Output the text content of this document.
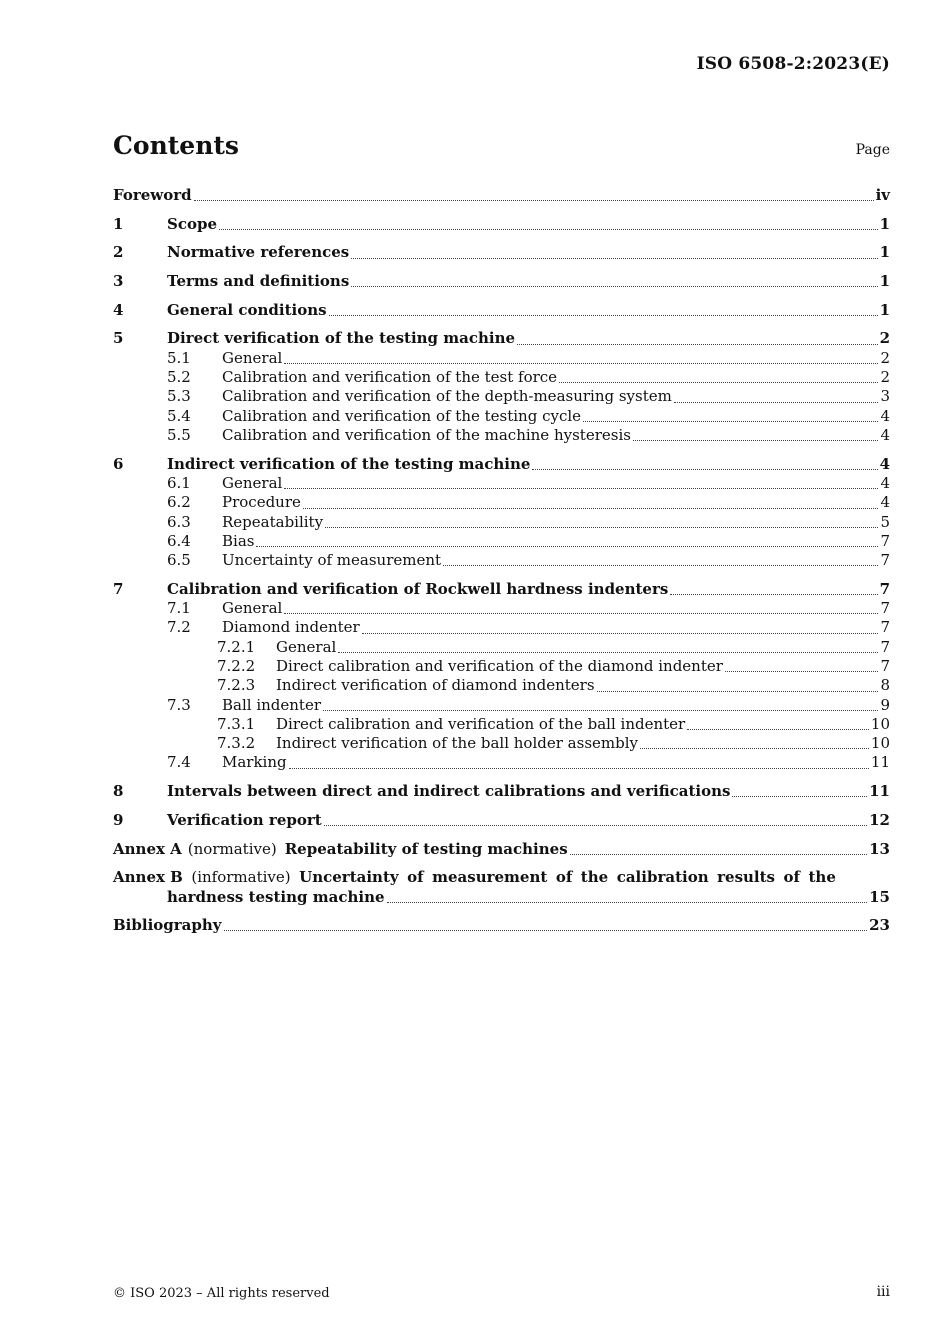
ISO 6508-2:2023(E)
Contents	Page
Foreword	iv
1	Scope	1
2	Normative references	1
3	Terms and definitions	1
4	General conditions	1
5	Direct verification of the testing machine	2
5.1	General	2
5.2	Calibration and verification of the test force	2
5.3	Calibration and verification of the depth-measuring system	3
5.4	Calibration and verification of the testing cycle	4
5.5	Calibration and verification of the machine hysteresis	4
6	Indirect verification of the testing machine	4
6.1	General	4
6.2	Procedure	4
6.3	Repeatability	5
6.4	Bias	7
6.5	Uncertainty of measurement	7
7	Calibration and verification of Rockwell hardness indenters	7
7.1	General	7
7.2	Diamond indenter	7
7.2.1	General	7
7.2.2	Direct calibration and verification of the diamond indenter	7
7.2.3	Indirect verification of diamond indenters	8
7.3	Ball indenter	9
7.3.1	Direct calibration and verification of the ball indenter	10
7.3.2	Indirect verification of the ball holder assembly	10
7.4	Marking	11
8	Intervals between direct and indirect calibrations and verifications	11
9	Verification report	12
Annex A (normative) Repeatability of testing machines	13
Annex B (informative) Uncertainty of measurement of the calibration results of the
hardness testing machine	15
Bibliography	23
© ISO 2023 – All rights reserved	iii
